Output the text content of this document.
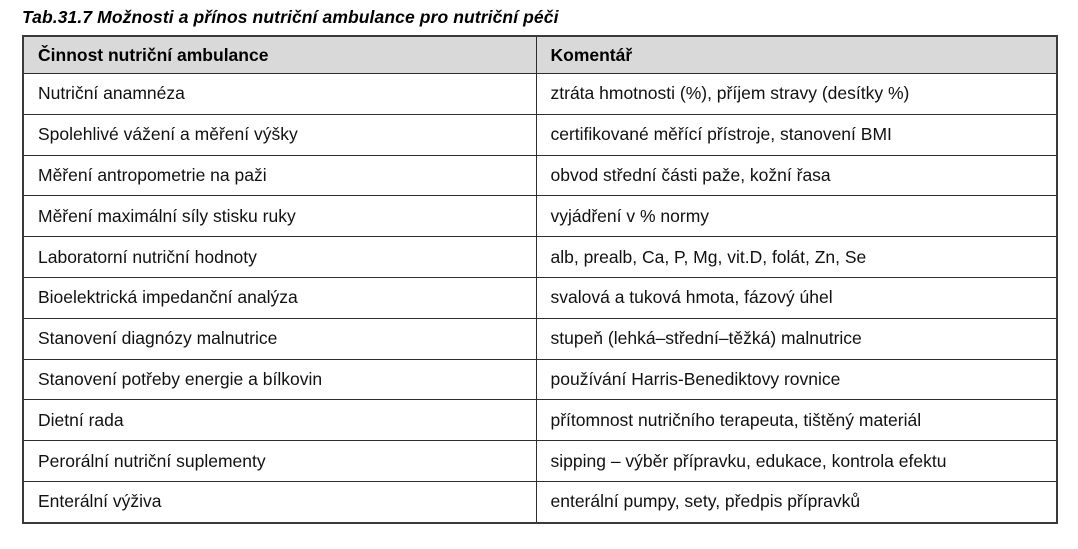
Tab.31.7 Možnosti a přínos nutriční ambulance pro nutriční péči

Činnost nutriční ambulance	Komentář
Nutriční anamnéza	ztráta hmotnosti (%), příjem stravy (desítky %)
Spolehlivé vážení a měření výšky	certifikované měřící přístroje, stanovení BMI
Měření antropometrie na paži	obvod střední části paže, kožní řasa
Měření maximální síly stisku ruky	vyjádření v % normy
Laboratorní nutriční hodnoty	alb, prealb, Ca, P, Mg, vit.D, folát, Zn, Se
Bioelektrická impedanční analýza	svalová a tuková hmota, fázový úhel
Stanovení diagnózy malnutrice	stupeň (lehká–střední–těžká) malnutrice
Stanovení potřeby energie a bílkovin	používání Harris-Benediktovy rovnice
Dietní rada	přítomnost nutričního terapeuta, tištěný materiál
Perorální nutriční suplementy	sipping – výběr přípravku, edukace, kontrola efektu
Enterální výživa	enterální pumpy, sety, předpis přípravků
